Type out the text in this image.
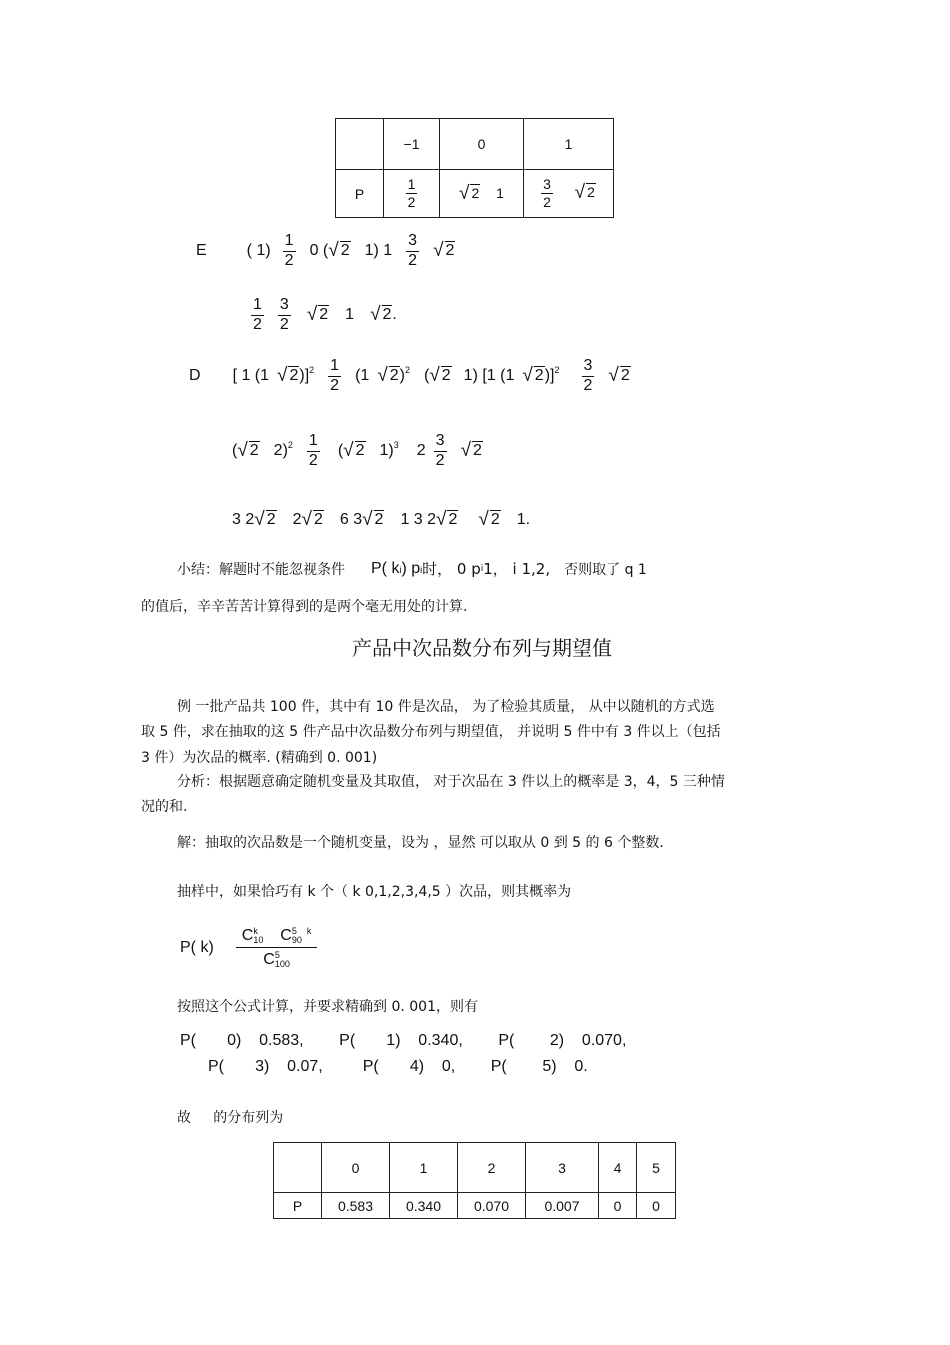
	−1	0	1
P	$\frac{1}{2}$	√ 2 1	$\frac{3}{2}$ √ 2
E	( $1) \frac{1}{2} 0$ ( √ 2 1) $1 \frac{3}{2}$ √ 2
$\frac{1}{2} \frac{3}{2}$ √ 2 1 √ 2 .
D [ 1 (1 √ 2 )]$^2 \frac{1}{2} (1$ √ 2 )$^2$ ( √ 2 1) [1 (1 √ 2 )]$^2 \frac{3}{2}$ √ 2
( √ 2 $2)^2 \frac{1}{2}$ ( √ 2 1)$^3$ $2 \frac{3}{2}$ √ 2
3 2 √ 2 2 √ 2 6 3 √ 2 1 3 2 √ 2 √ 2 1.
小结：解题时不能忽视条件 P( ki) pi 时， 0 p i 1， i 1,2, 否则取了 q 1
的值后，辛辛苦苦计算得到的是两个毫无用处的计算.
产品中次品数分布列与期望值
例 一批产品共 100 件，其中有 10 件是次品， 为了检验其质量， 从中以随机的方式选
取 5 件，求在抽取的这 5 件产品中次品数分布列与期望值， 并说明 5 件中有 3 件以上（包括
3 件）为次品的概率. (精确到 0. 001)
分析：根据题意确定随机变量及其取值， 对于次品在 3 件以上的概率是 3，4，5 三种情
况的和.
解：抽取的次品数是一个随机变量，设为 ，显然 可以取从 0 到 5 的 6 个整数.
抽样中，如果恰巧有 k 个（ k 0,1,2,3,4,5 ）次品，则其概率为
P( k) C k
10 C 5    k
90
C 5
100
按照这个公式计算，并要求精确到 0. 001，则有
P(       0)    0.583,        P(       1)    0.340,        P(        2)    0.070,
P(       3)    0.07,         P(       4)    0,        P(        5)    0.
故     的分布列为
	0	1	2	3	4	5
P	0.583	0.340	0.070	0.007	0	0
